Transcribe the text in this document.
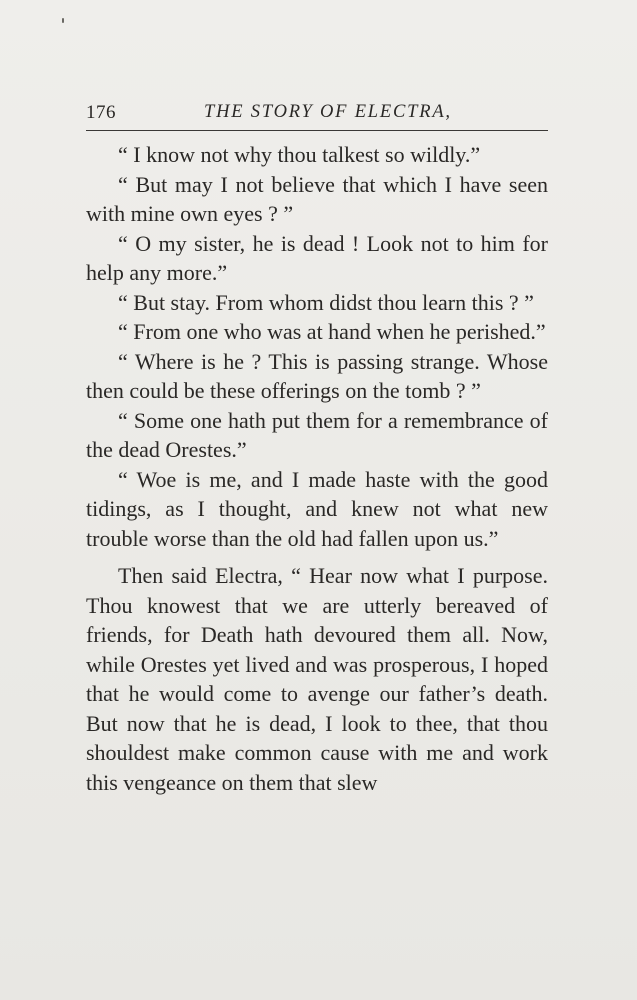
176	THE STORY OF ELECTRA,

“ I know not why thou talkest so wildly.”

“ But may I not believe that which I have seen with mine own eyes ? ”

“ O my sister, he is dead ! Look not to him for help any more.”

“ But stay. From whom didst thou learn this ? ”

“ From one who was at hand when he perished.”

“ Where is he ? This is passing strange. Whose then could be these offerings on the tomb ? ”

“ Some one hath put them for a remembrance of the dead Orestes.”

“ Woe is me, and I made haste with the good tidings, as I thought, and knew not what new trouble worse than the old had fallen upon us.”

Then said Electra, “ Hear now what I purpose. Thou knowest that we are utterly bereaved of friends, for Death hath devoured them all. Now, while Orestes yet lived and was prosperous, I hoped that he would come to avenge our father’s death. But now that he is dead, I look to thee, that thou shouldest make common cause with me and work this vengeance on them that slew
